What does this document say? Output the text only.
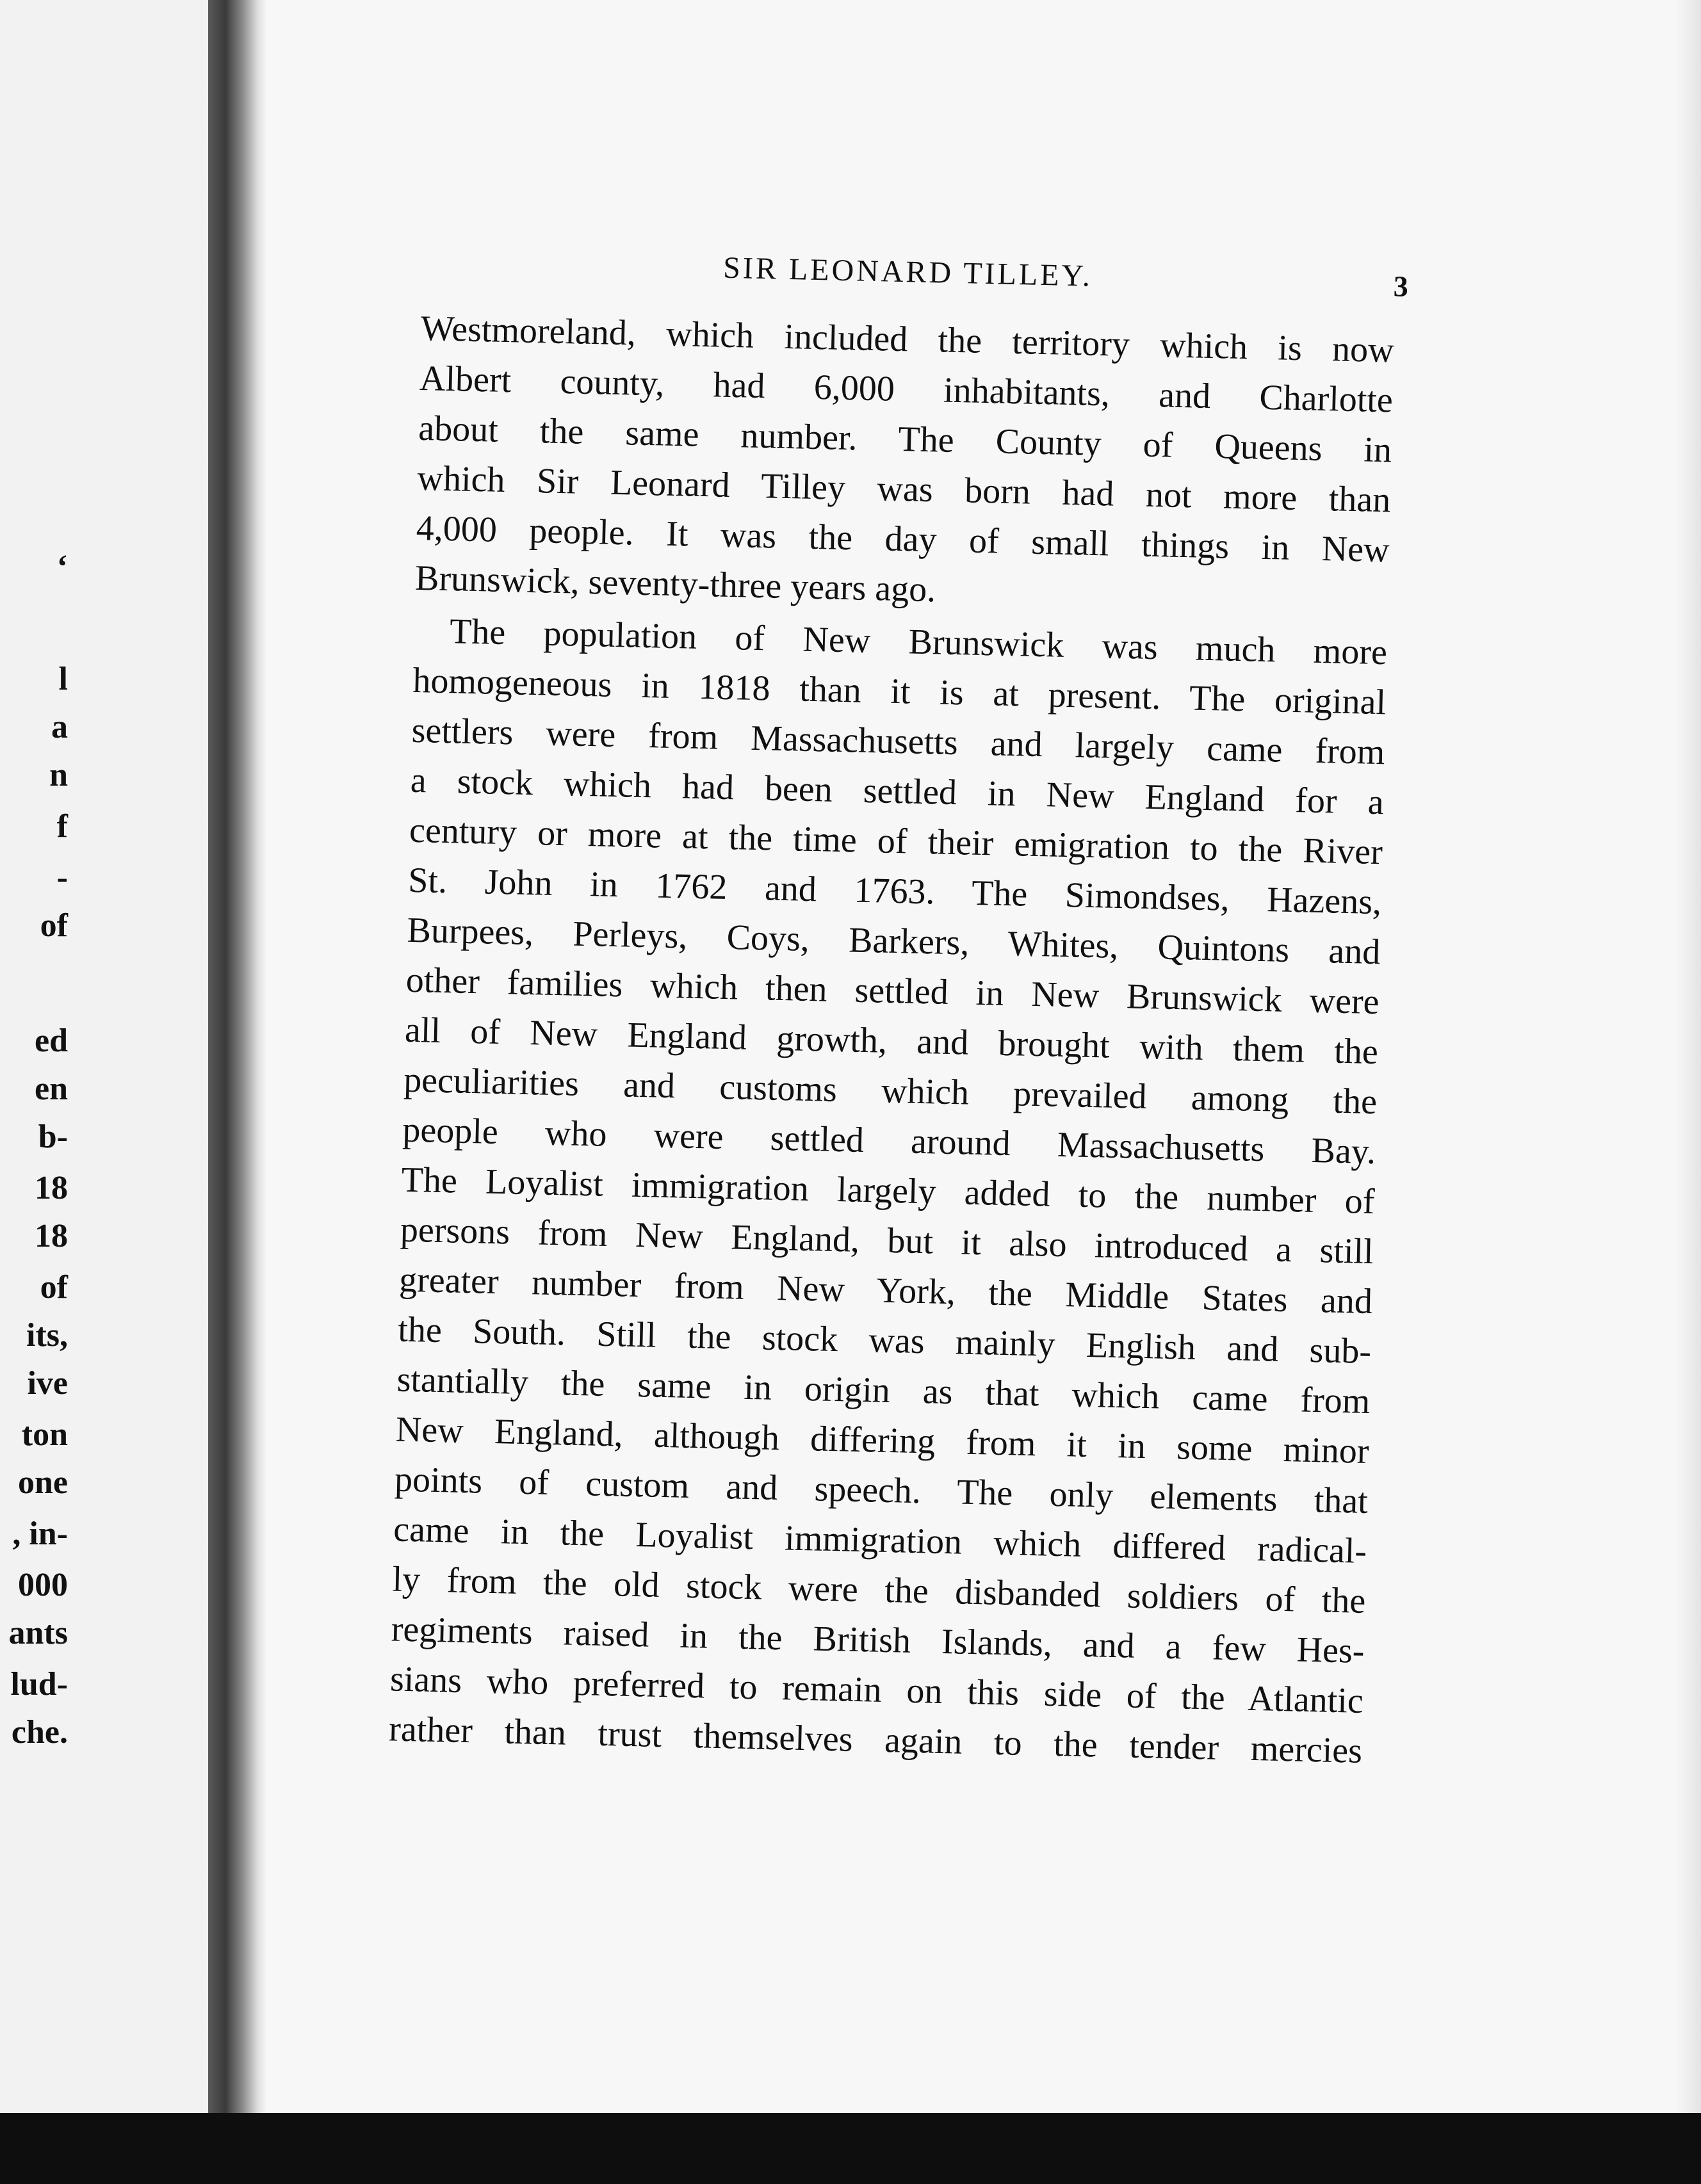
‘
l
a
n
f
-
of
ed
en
b-
18
18
of
its,
ive
ton
one
, in-
000
ants
lud-
che.
SIR LEONARD TILLEY.	3

Westmoreland, which included the territory which is now
Albert county, had 6,000 inhabitants, and Charlotte
about the same number. The County of Queens in
which Sir Leonard Tilley was born had not more than
4,000 people. It was the day of small things in New
Brunswick, seventy-three years ago.

The population of New Brunswick was much more
homogeneous in 1818 than it is at present. The original
settlers were from Massachusetts and largely came from
a stock which had been settled in New England for a
century or more at the time of their emigration to the River
St. John in 1762 and 1763. The Simondses, Hazens,
Burpees, Perleys, Coys, Barkers, Whites, Quintons and
other families which then settled in New Brunswick were
all of New England growth, and brought with them the
peculiarities and customs which prevailed among the
people who were settled around Massachusetts Bay.
The Loyalist immigration largely added to the number of
persons from New England, but it also introduced a still
greater number from New York, the Middle States and
the South. Still the stock was mainly English and sub-
stantially the same in origin as that which came from
New England, although differing from it in some minor
points of custom and speech. The only elements that
came in the Loyalist immigration which differed radical-
ly from the old stock were the disbanded soldiers of the
regiments raised in the British Islands, and a few Hes-
sians who preferred to remain on this side of the Atlantic
rather than trust themselves again to the tender mercies
